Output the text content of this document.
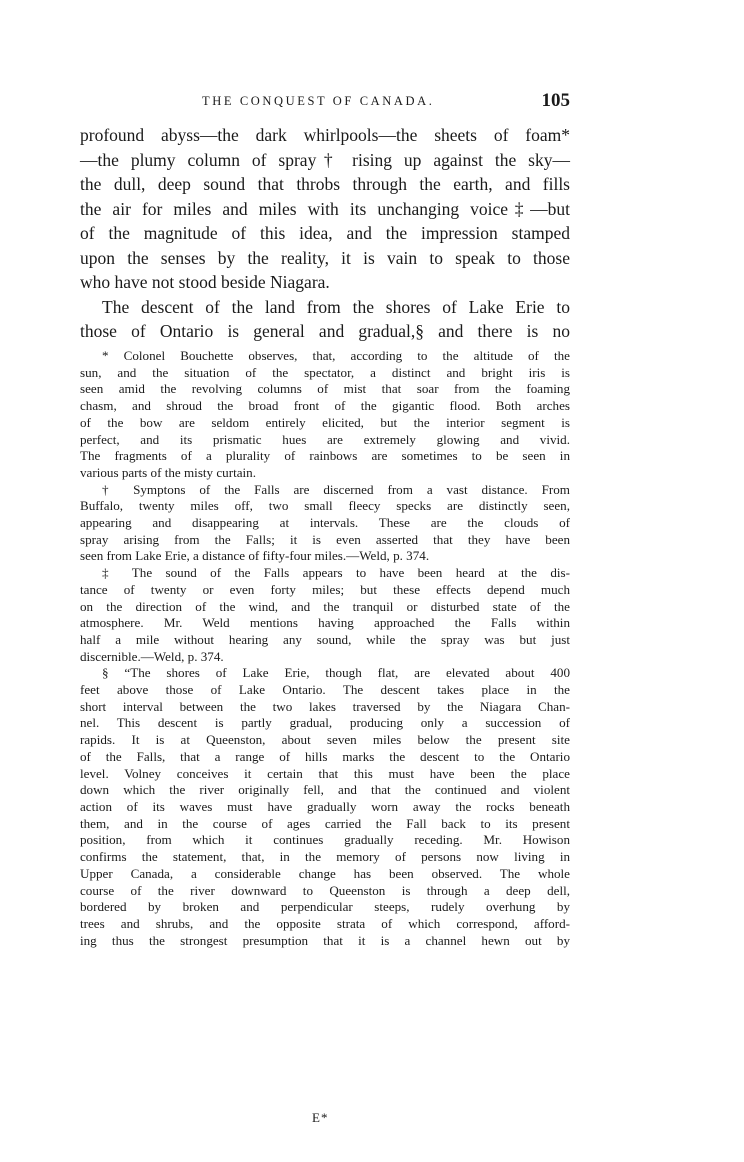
THE CONQUEST OF CANADA.	105

profound abyss—the dark whirlpools—the sheets of foam*
—the plumy column of spray† rising up against the sky—
the dull, deep sound that throbs through the earth, and fills
the air for miles and miles with its unchanging voice‡—but
of the magnitude of this idea, and the impression stamped
upon the senses by the reality, it is vain to speak to those
who have not stood beside Niagara.

The descent of the land from the shores of Lake Erie to
those of Ontario is general and gradual,§ and there is no

* Colonel Bouchette observes, that, according to the altitude of the
sun, and the situation of the spectator, a distinct and bright iris is
seen amid the revolving columns of mist that soar from the foaming
chasm, and shroud the broad front of the gigantic flood. Both arches
of the bow are seldom entirely elicited, but the interior segment is
perfect, and its prismatic hues are extremely glowing and vivid.
The fragments of a plurality of rainbows are sometimes to be seen in
various parts of the misty curtain.

† Symptons of the Falls are discerned from a vast distance. From
Buffalo, twenty miles off, two small fleecy specks are distinctly seen,
appearing and disappearing at intervals. These are the clouds of
spray arising from the Falls; it is even asserted that they have been
seen from Lake Erie, a distance of fifty-four miles.—Weld, p. 374.

‡ The sound of the Falls appears to have been heard at the dis-
tance of twenty or even forty miles; but these effects depend much
on the direction of the wind, and the tranquil or disturbed state of the
atmosphere. Mr. Weld mentions having approached the Falls within
half a mile without hearing any sound, while the spray was but just
discernible.—Weld, p. 374.

§ “The shores of Lake Erie, though flat, are elevated about 400
feet above those of Lake Ontario. The descent takes place in the
short interval between the two lakes traversed by the Niagara Chan-
nel. This descent is partly gradual, producing only a succession of
rapids. It is at Queenston, about seven miles below the present site
of the Falls, that a range of hills marks the descent to the Ontario
level. Volney conceives it certain that this must have been the place
down which the river originally fell, and that the continued and violent
action of its waves must have gradually worn away the rocks beneath
them, and in the course of ages carried the Fall back to its present
position, from which it continues gradually receding. Mr. Howison
confirms the statement, that, in the memory of persons now living in
Upper Canada, a considerable change has been observed. The whole
course of the river downward to Queenston is through a deep dell,
bordered by broken and perpendicular steeps, rudely overhung by
trees and shrubs, and the opposite strata of which correspond, afford-
ing thus the strongest presumption that it is a channel hewn out by

E*
